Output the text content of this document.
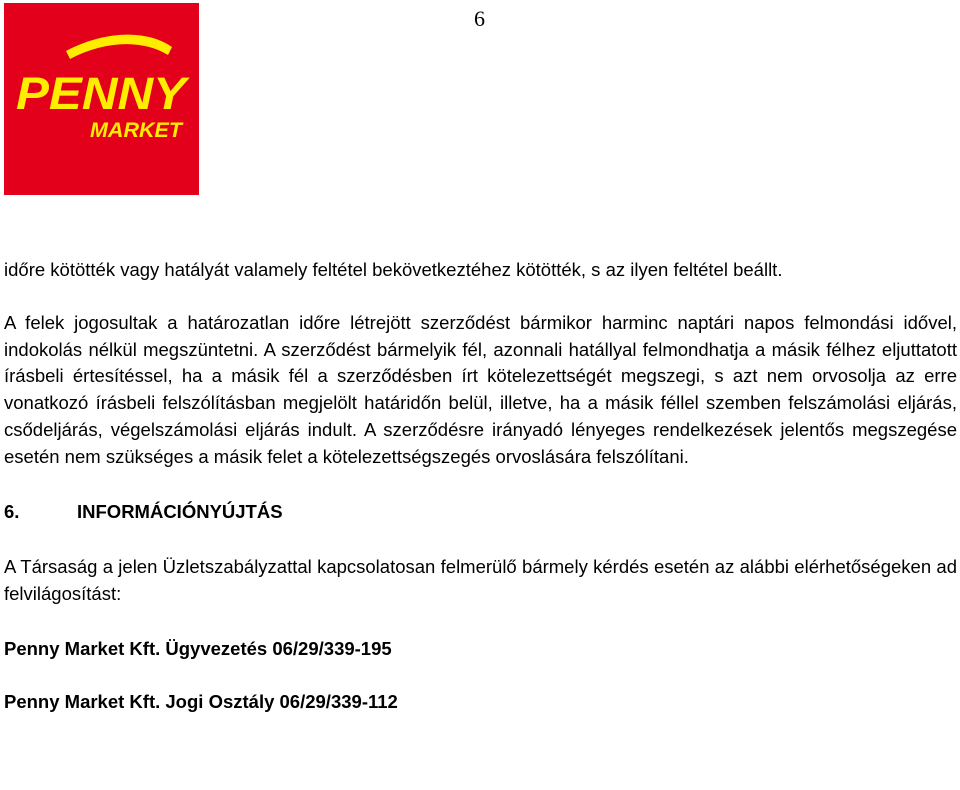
6
PENNY
MARKET

időre kötötték vagy hatályát valamely feltétel bekövetkeztéhez kötötték, s az ilyen feltétel beállt.

A felek jogosultak a határozatlan időre létrejött szerződést bármikor harminc naptári napos felmondási idővel, indokolás nélkül megszüntetni. A szerződést bármelyik fél, azonnali hatállyal felmondhatja a másik félhez eljuttatott írásbeli értesítéssel, ha a másik fél a szerződésben írt kötelezettségét megszegi, s azt nem orvosolja az erre vonatkozó írásbeli felszólításban megjelölt határidőn belül, illetve, ha a másik féllel szemben felszámolási eljárás, csődeljárás, végelszámolási eljárás indult. A szerződésre irányadó lényeges rendelkezések jelentős megszegése esetén nem szükséges a másik felet a kötelezettségszegés orvoslására felszólítani.

6.	INFORMÁCIÓNYÚJTÁS

A Társaság a jelen Üzletszabályzattal kapcsolatosan felmerülő bármely kérdés esetén az alábbi elérhetőségeken ad felvilágosítást:

Penny Market Kft. Ügyvezetés 06/29/339-195

Penny Market Kft. Jogi Osztály 06/29/339-112
